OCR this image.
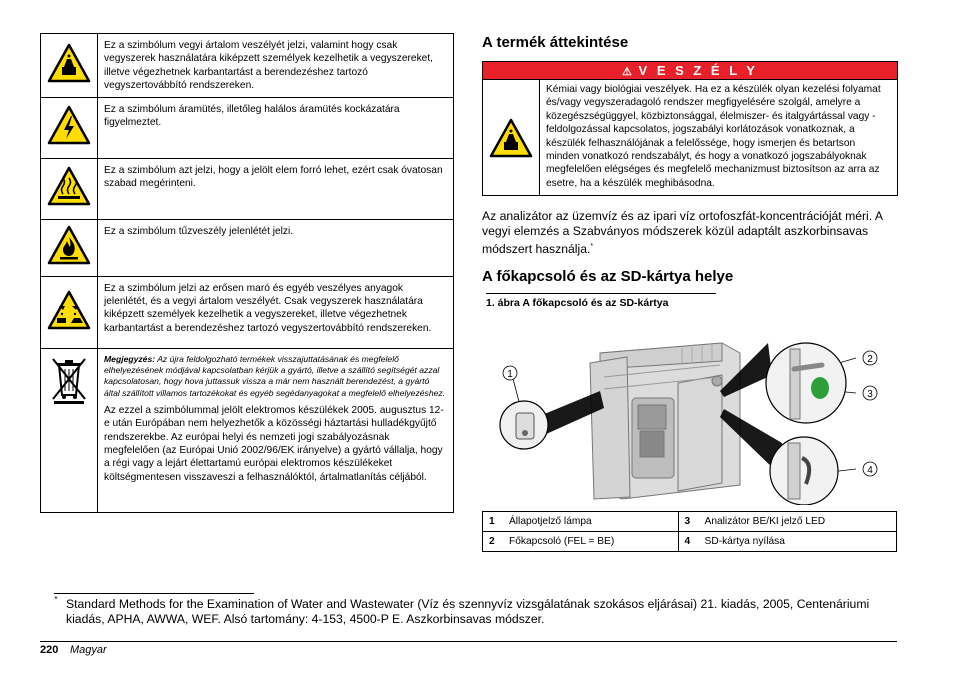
	Ez a szimbólum vegyi ártalom veszélyét jelzi, valamint hogy csak vegyszerek használatára kiképzett személyek kezelhetik a vegyszereket, illetve végezhetnek karbantartást a berendezéshez tartozó vegyszertovábbító rendszereken.
	Ez a szimbólum áramütés, illetőleg halálos áramütés kockázatára figyelmeztet.
	Ez a szimbólum azt jelzi, hogy a jelölt elem forró lehet, ezért csak óvatosan szabad megérinteni.
	Ez a szimbólum tűzveszély jelenlétét jelzi.
	Ez a szimbólum jelzi az erősen maró és egyéb veszélyes anyagok jelenlétét, és a vegyi ártalom veszélyét. Csak vegyszerek használatára kiképzett személyek kezelhetik a vegyszereket, illetve végezhetnek karbantartást a berendezéshez tartozó vegyszertovábbító rendszereken.

Megjegyzés: Az újra feldolgozható termékek visszajuttatásának és megfelelő elhelyezésének módjával kapcsolatban kérjük a gyártó, illetve a szállító segítségét azzal kapcsolatosan, hogy hova juttassuk vissza a már nem használt berendezést, a gyártó által szállított villamos tartozékokat és egyéb segédanyagokat a megfelelő elhelyezéshez.
Az ezzel a szimbólummal jelölt elektromos készülékek 2005. augusztus 12-e után Európában nem helyezhetők a közösségi háztartási hulladékgyűjtő rendszerekbe. Az európai helyi és nemzeti jogi szabályozásnak megfelelően (az Európai Unió 2002/96/EK irányelve) a gyártó vállalja, hogy a régi vagy a lejárt élettartamú európai elektromos készülékeket költségmentesen visszaveszi a felhasználóktól, ártalmatlanítás céljából.
A termék áttekintése
⚠ V E S Z É L Y
Kémiai vagy biológiai veszélyek. Ha ez a készülék olyan kezelési folyamat és/vagy vegyszeradagoló rendszer megfigyelésére szolgál, amelyre a közegészségüggyel, közbiztonsággal, élelmiszer- és italgyártással vagy -feldolgozással kapcsolatos, jogszabályi korlátozások vonatkoznak, a készülék felhasználójának a felelőssége, hogy ismerjen és betartson minden vonatkozó rendszabályt, és hogy a vonatkozó jogszabályoknak megfelelően elégséges és megfelelő mechanizmust biztosítson az arra az esetre, ha a készülék meghibásodna.
Az analizátor az üzemvíz és az ipari víz ortofoszfát-koncentrációját méri. A vegyi elemzés a Szabványos módszerek közül adaptált aszkorbinsavas módszert használja.*
A főkapcsoló és az SD-kártya helye
1. ábra A főkapcsoló és az SD-kártya
1
2
3
4
1	Állapotjelző lámpa	3	Analizátor BE/KI jelző LED
2	Főkapcsoló (FEL = BE)	4	SD-kártya nyílása
* Standard Methods for the Examination of Water and Wastewater (Víz és szennyvíz vizsgálatának szokásos eljárásai) 21. kiadás, 2005, Centenáriumi kiadás, APHA, AWWA, WEF. Alsó tartomány: 4-153, 4500-P E. Aszkorbinsavas módszer.
220 Magyar
